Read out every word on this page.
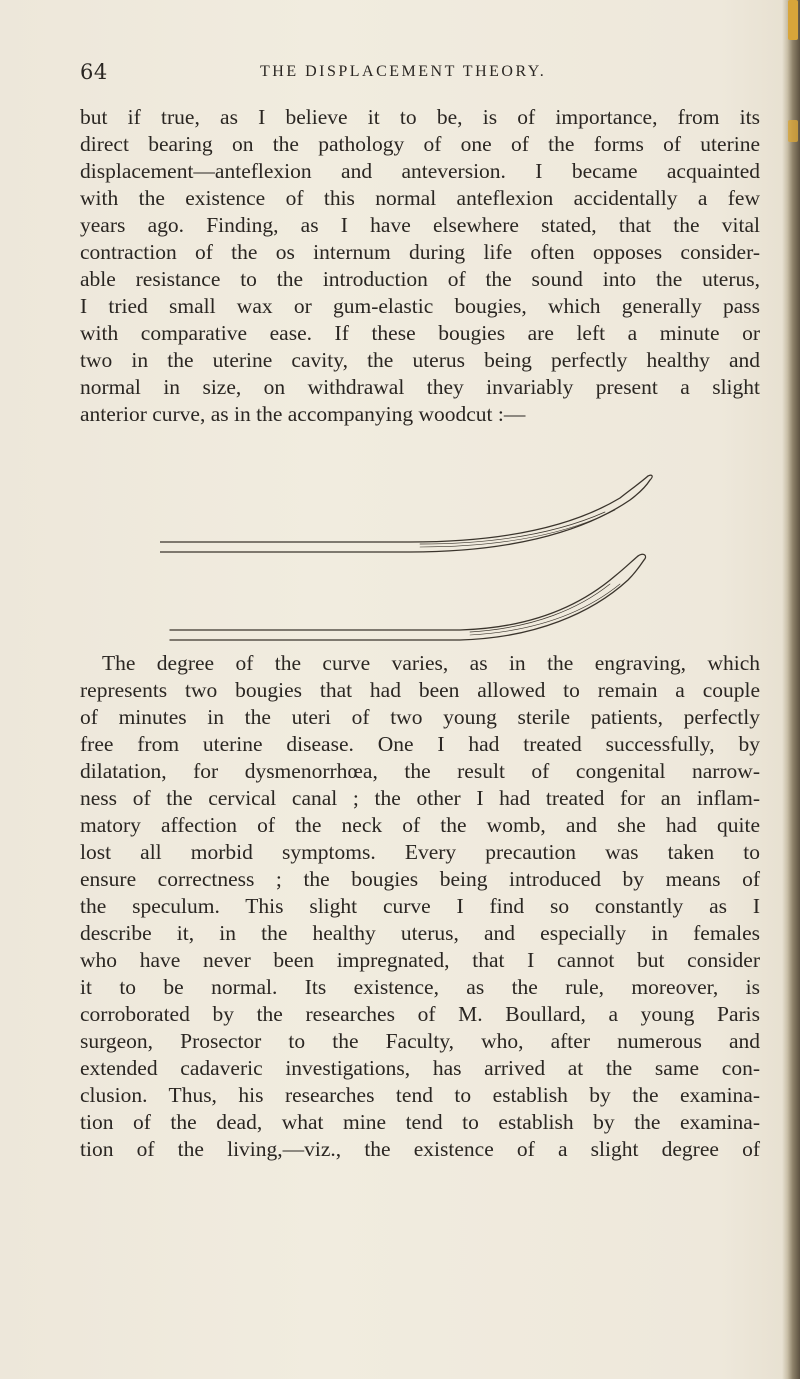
64	THE DISPLACEMENT THEORY.
but if true, as I believe it to be, is of importance, from its
direct bearing on the pathology of one of the forms of uterine
displacement—anteflexion and anteversion. I became acquainted
with the existence of this normal anteflexion accidentally a few
years ago. Finding, as I have elsewhere stated, that the vital
contraction of the os internum during life often opposes consider-
able resistance to the introduction of the sound into the uterus,
I tried small wax or gum-elastic bougies, which generally pass
with comparative ease. If these bougies are left a minute or
two in the uterine cavity, the uterus being perfectly healthy and
normal in size, on withdrawal they invariably present a slight
anterior curve, as in the accompanying woodcut :—
The degree of the curve varies, as in the engraving, which
represents two bougies that had been allowed to remain a couple
of minutes in the uteri of two young sterile patients, perfectly
free from uterine disease. One I had treated successfully, by
dilatation, for dysmenorrhœa, the result of congenital narrow-
ness of the cervical canal ; the other I had treated for an inflam-
matory affection of the neck of the womb, and she had quite
lost all morbid symptoms. Every precaution was taken to
ensure correctness ; the bougies being introduced by means of
the speculum. This slight curve I find so constantly as I
describe it, in the healthy uterus, and especially in females
who have never been impregnated, that I cannot but consider
it to be normal. Its existence, as the rule, moreover, is
corroborated by the researches of M. Boullard, a young Paris
surgeon, Prosector to the Faculty, who, after numerous and
extended cadaveric investigations, has arrived at the same con-
clusion. Thus, his researches tend to establish by the examina-
tion of the dead, what mine tend to establish by the examina-
tion of the living,—viz., the existence of a slight degree of
